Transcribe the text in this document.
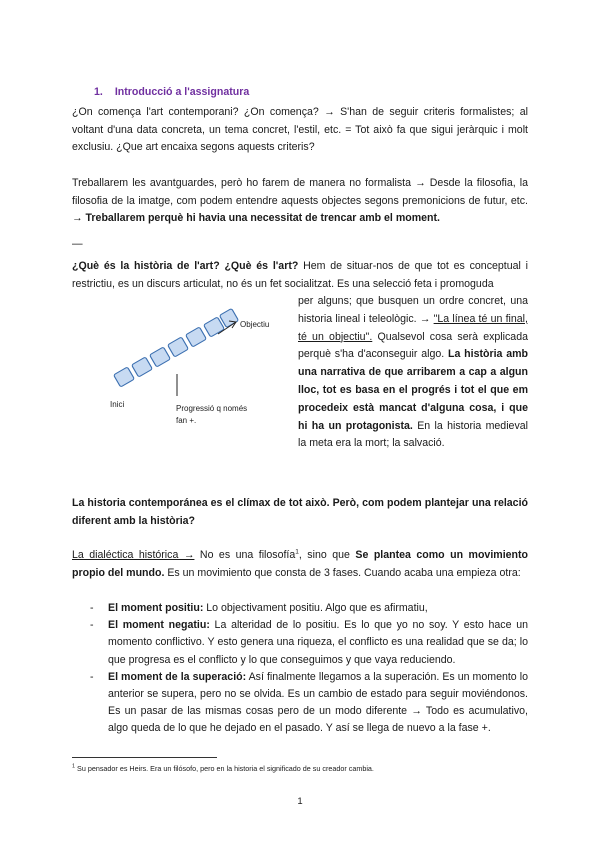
1. Introducció a l'assignatura
¿On comença l'art contemporani? ¿On comença? → S'han de seguir criteris formalistes; al voltant d'una data concreta, un tema concret, l'estil, etc. = Tot això fa que sigui jeràrquic i molt exclusiu. ¿Que art encaixa segons aquests criteris?
Treballarem les avantguardes, però ho farem de manera no formalista → Desde la filosofia, la filosofia de la imatge, com podem entendre aquests objectes segons premonicions de futur, etc. → Treballarem perquè hi havia una necessitat de trencar amb el moment.
—
¿Què és la història de l'art? ¿Què és l'art? Hem de situar-nos de que tot es conceptual i restrictiu, es un discurs articulat, no és un fet socialitzat. Es una selecció feta i promoguda
Objectiu
Inici	Progressió q només
fan +.
per alguns; que busquen un ordre concret, una historia lineal i teleològic. → "La línea té un final, té un objectiu". Qualsevol cosa serà explicada perquè s'ha d'aconseguir algo. La història amb una narrativa de que arribarem a cap a algun lloc, tot es basa en el progrés i tot el que em procedeix està mancat d'alguna cosa, i que hi ha un protagonista. En la historia medieval la meta era la mort; la salvació.
La historia contemporánea es el clímax de tot això. Però, com podem plantejar una relació diferent amb la història?
La dialéctica histórica → No es una filosofía$^1$, sino que Se plantea como un movimiento propio del mundo. Es un movimiento que consta de 3 fases. Cuando acaba una empieza otra:
- El moment positiu: Lo objectivament positiu. Algo que es afirmatiu,
- El moment negatiu: La alteridad de lo positiu. Es lo que yo no soy. Y esto hace un momento conflictivo. Y esto genera una riqueza, el conflicto es una realidad que se da; lo que progresa es el conflicto y lo que conseguimos y que vaya reduciendo.
- El moment de la superació: Así finalmente llegamos a la superación. Es un momento lo anterior se supera, pero no se olvida. Es un cambio de estado para seguir moviéndonos. Es un pasar de las mismas cosas pero de un modo diferente → Todo es acumulativo, algo queda de lo que he dejado en el pasado. Y así se llega de nuevo a la fase +.
$^1$ Su pensador es Heirs. Era un filósofo, pero en la historia el significado de su creador cambia.
1
